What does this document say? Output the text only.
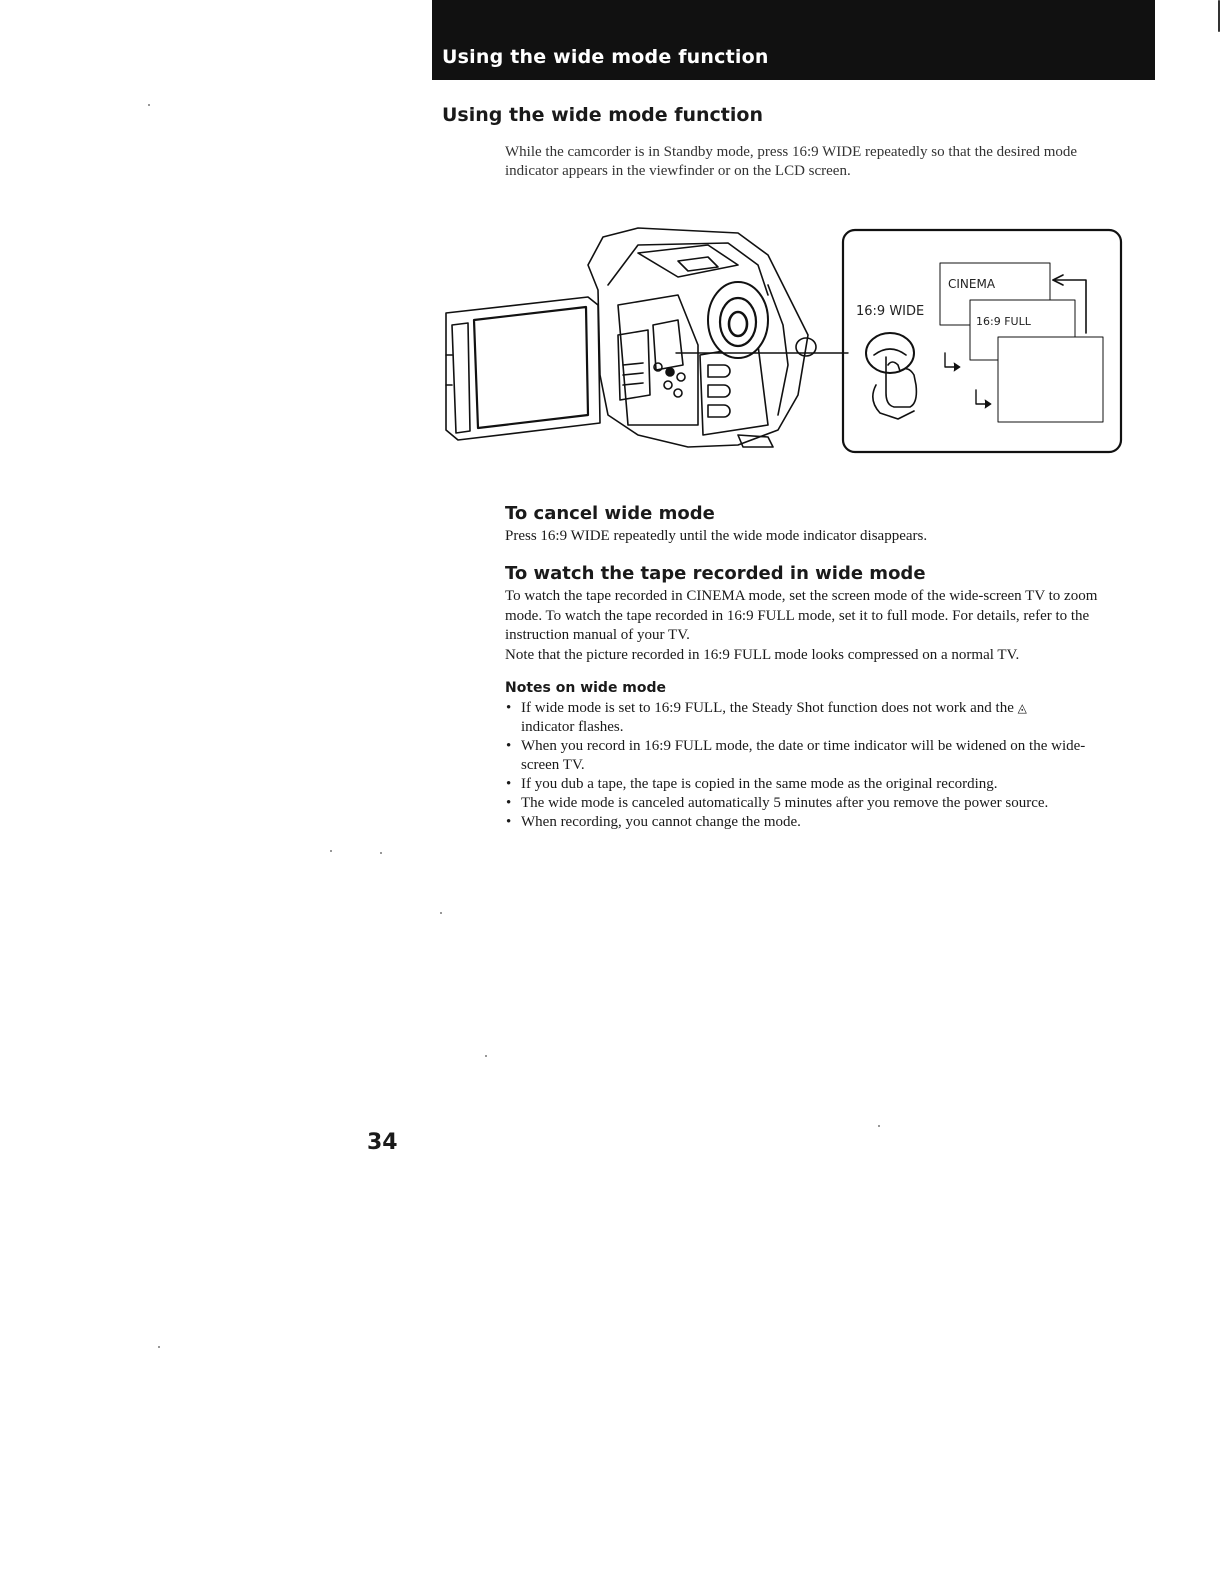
Using the wide mode function
Using the wide mode function
While the camcorder is in Standby mode, press 16:9 WIDE repeatedly so that the desired mode indicator appears in the viewfinder or on the LCD screen.
16:9 WIDE
CINEMA
16:9 FULL
To cancel wide mode

Press 16:9 WIDE repeatedly until the wide mode indicator disappears.

To watch the tape recorded in wide mode

To watch the tape recorded in CINEMA mode, set the screen mode of the wide-screen TV to zoom mode. To watch the tape recorded in 16:9 FULL mode, set it to full mode. For details, refer to the instruction manual of your TV.

Note that the picture recorded in 16:9 FULL mode looks compressed on a normal TV.

Notes on wide mode
• If wide mode is set to 16:9 FULL, the Steady Shot function does not work and the ◬
indicator flashes.
• When you record in 16:9 FULL mode, the date or time indicator will be widened on the wide-screen TV.
• If you dub a tape, the tape is copied in the same mode as the original recording.
• The wide mode is canceled automatically 5 minutes after you remove the power source.
• When recording, you cannot change the mode.
34
